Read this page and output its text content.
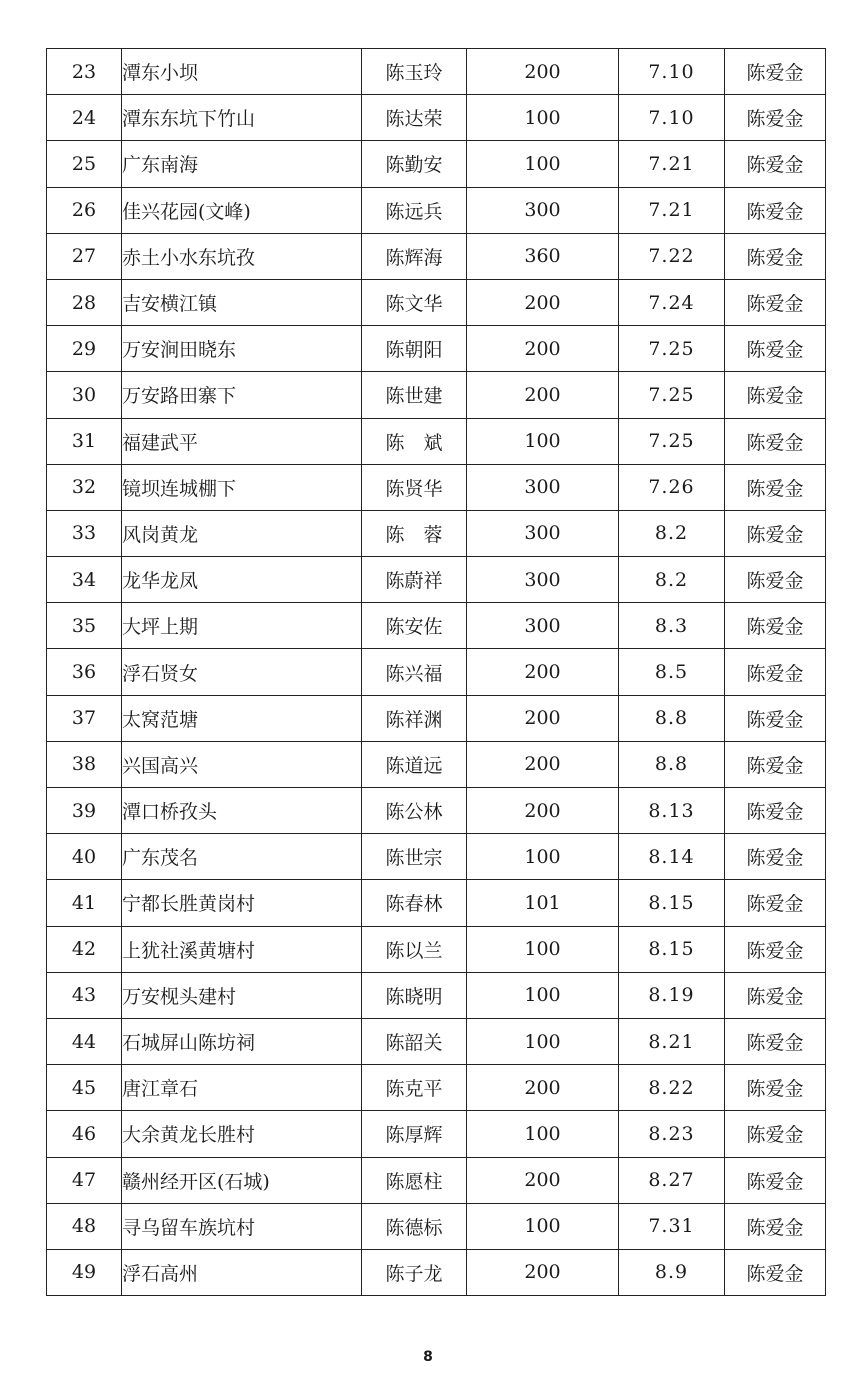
23	潭东小坝	陈玉玲	200	7.10	陈爱金
24	潭东东坑下竹山	陈达荣	100	7.10	陈爱金
25	广东南海	陈勤安	100	7.21	陈爱金
26	佳兴花园(文峰)	陈远兵	300	7.21	陈爱金
27	赤土小水东坑孜	陈辉海	360	7.22	陈爱金
28	吉安横江镇	陈文华	200	7.24	陈爱金
29	万安涧田晓东	陈朝阳	200	7.25	陈爱金
30	万安路田寨下	陈世建	200	7.25	陈爱金
31	福建武平	陈　斌	100	7.25	陈爱金
32	镜坝连城棚下	陈贤华	300	7.26	陈爱金
33	风岗黄龙	陈　蓉	300	8.2	陈爱金
34	龙华龙凤	陈蔚祥	300	8.2	陈爱金
35	大坪上期	陈安佐	300	8.3	陈爱金
36	浮石贤女	陈兴福	200	8.5	陈爱金
37	太窝范塘	陈祥渊	200	8.8	陈爱金
38	兴国高兴	陈道远	200	8.8	陈爱金
39	潭口桥孜头	陈公林	200	8.13	陈爱金
40	广东茂名	陈世宗	100	8.14	陈爱金
41	宁都长胜黄岗村	陈春林	101	8.15	陈爱金
42	上犹社溪黄塘村	陈以兰	100	8.15	陈爱金
43	万安枧头建村	陈晓明	100	8.19	陈爱金
44	石城屏山陈坊祠	陈韶关	100	8.21	陈爱金
45	唐江章石	陈克平	200	8.22	陈爱金
46	大余黄龙长胜村	陈厚辉	100	8.23	陈爱金
47	赣州经开区(石城)	陈愿柱	200	8.27	陈爱金
48	寻乌留车族坑村	陈德标	100	7.31	陈爱金
49	浮石高州	陈子龙	200	8.9	陈爱金
8
